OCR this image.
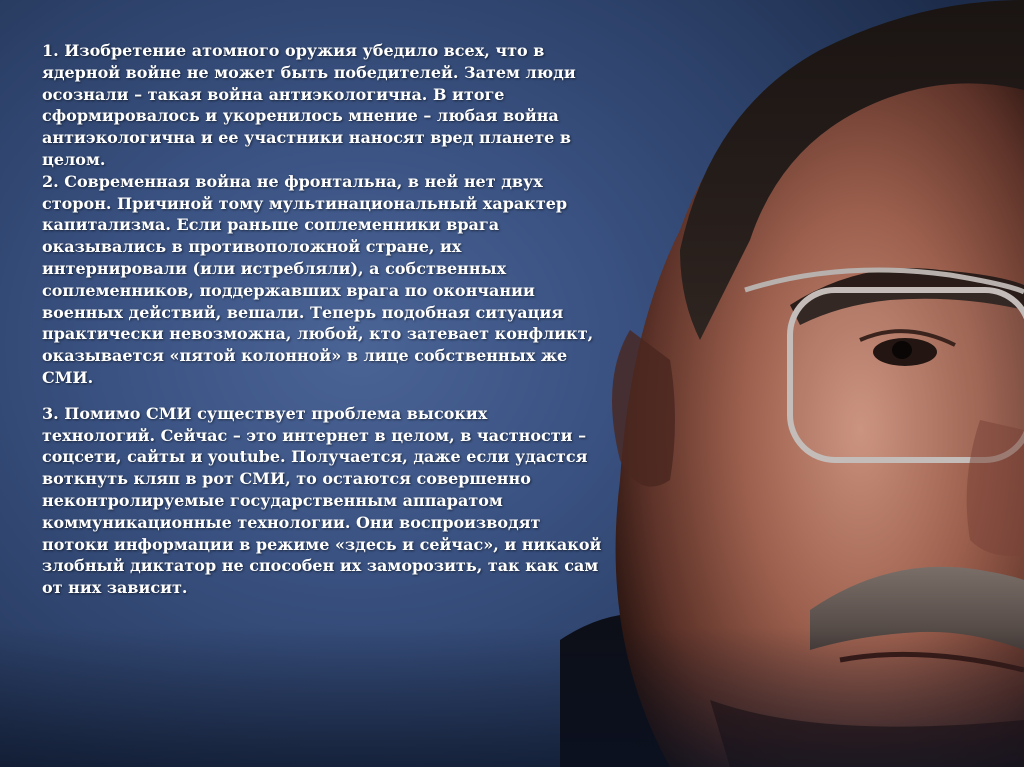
1. Изобретение атомного оружия убедило всех, что в ядерной войне не может быть победителей. Затем люди осознали – такая война антиэкологична. В итоге сформировалось и укоренилось мнение – любая война антиэкологична и ее участники наносят вред планете в целом.

2. Современная война не фронтальна, в ней нет двух сторон. Причиной тому мультинациональный характер капитализма. Если раньше соплеменники врага оказывались в противоположной стране, их интернировали (или истребляли), а собственных соплеменников, поддержавших врага по окончании военных действий, вешали. Теперь подобная ситуация практически невозможна, любой, кто затевает конфликт, оказывается «пятой колонной» в лице собственных же СМИ.

3. Помимо СМИ существует проблема высоких технологий. Сейчас – это интернет в целом, в частности – соцсети, сайты и youtube. Получается, даже если удастся воткнуть кляп в рот СМИ, то остаются совершенно неконтролируемые государственным аппаратом коммуникационные технологии. Они воспроизводят потоки информации в режиме «здесь и сейчас», и никакой злобный диктатор не способен их заморозить, так как сам от них зависит.
